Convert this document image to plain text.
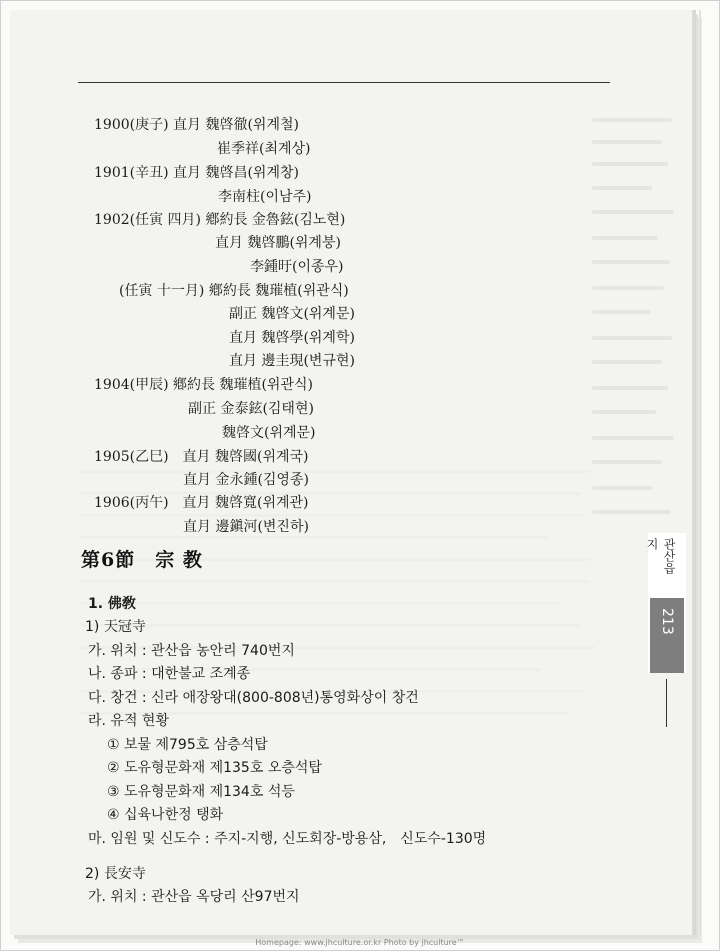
1900(庚子) 直月 魏啓徹(위계철)
崔季祥(최계상)
1901(辛丑) 直月 魏啓昌(위계창)
李南柱(이남주)
1902(任寅 四月) 鄕約長 金魯鉉(김노현)
直月 魏啓鵬(위계붕)
李鍾旴(이종우)
(任寅 十一月) 鄕約長 魏璀植(위관식)
副正 魏啓文(위계문)
直月 魏啓學(위계학)
直月 邊圭現(변규현)
1904(甲辰) 鄕約長 魏璀植(위관식)
副正 金泰鉉(김태현)
魏啓文(위계문)
1905(乙巳)　直月 魏啓國(위계국)
直月 金永鍾(김영종)
1906(丙午)　直月 魏啓寬(위계관)
直月 邊鎭河(변진하)
第6節　宗 教
1. 佛敎
1) 天冠寺
가. 위치 : 관산읍 농안리 740번지
나. 종파 : 대한불교 조계종
다. 창건 : 신라 애장왕대(800-808년)통영화상이 창건
라. 유적 현황
① 보물 제795호 삼층석탑
② 도유형문화재 제135호 오층석탑
③ 도유형문화재 제134호 석등
④ 십육나한정 탱화
마. 임원 및 신도수 : 주지-지행, 신도회장-방용삼,　신도수-130명
2) 長安寺
가. 위치 : 관산읍 옥당리 산97번지
관산읍지
213
Homepage: www.jhculture.or.kr Photo by jhculture™
